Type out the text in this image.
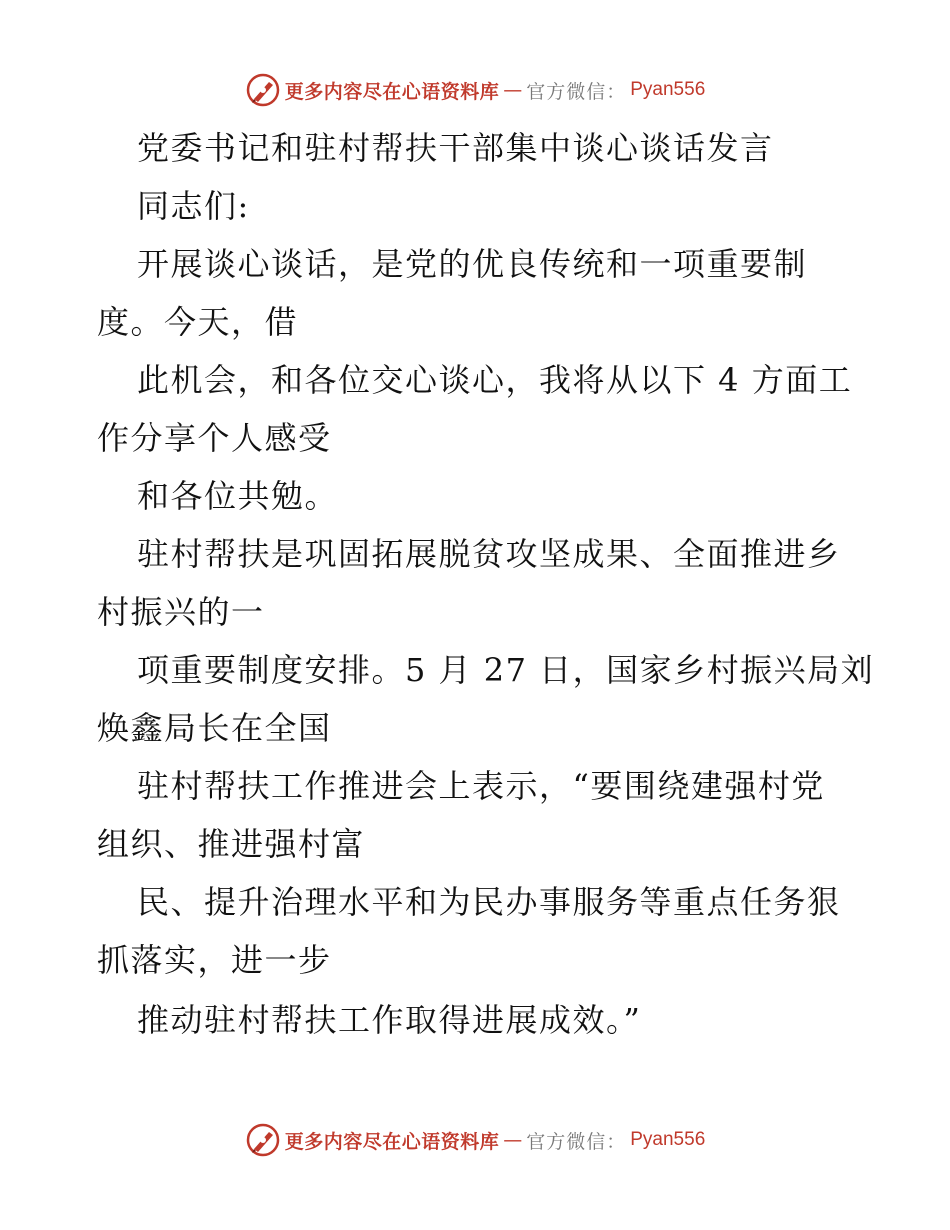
更多内容尽在心语资料库 — 官方微信： Pyan556
党委书记和驻村帮扶干部集中谈心谈话发言
同志们:
开展谈心谈话，是党的优良传统和一项重要制
度。今天，借
此机会，和各位交心谈心，我将从以下 4 方面工
作分享个人感受
和各位共勉。
驻村帮扶是巩固拓展脱贫攻坚成果、全面推进乡
村振兴的一
项重要制度安排。5 月 27 日，国家乡村振兴局刘
焕鑫局长在全国
驻村帮扶工作推进会上表示，“要围绕建强村党
组织、推进强村富
民、提升治理水平和为民办事服务等重点任务狠
抓落实，进一步
推动驻村帮扶工作取得进展成效。”
更多内容尽在心语资料库 — 官方微信： Pyan556
